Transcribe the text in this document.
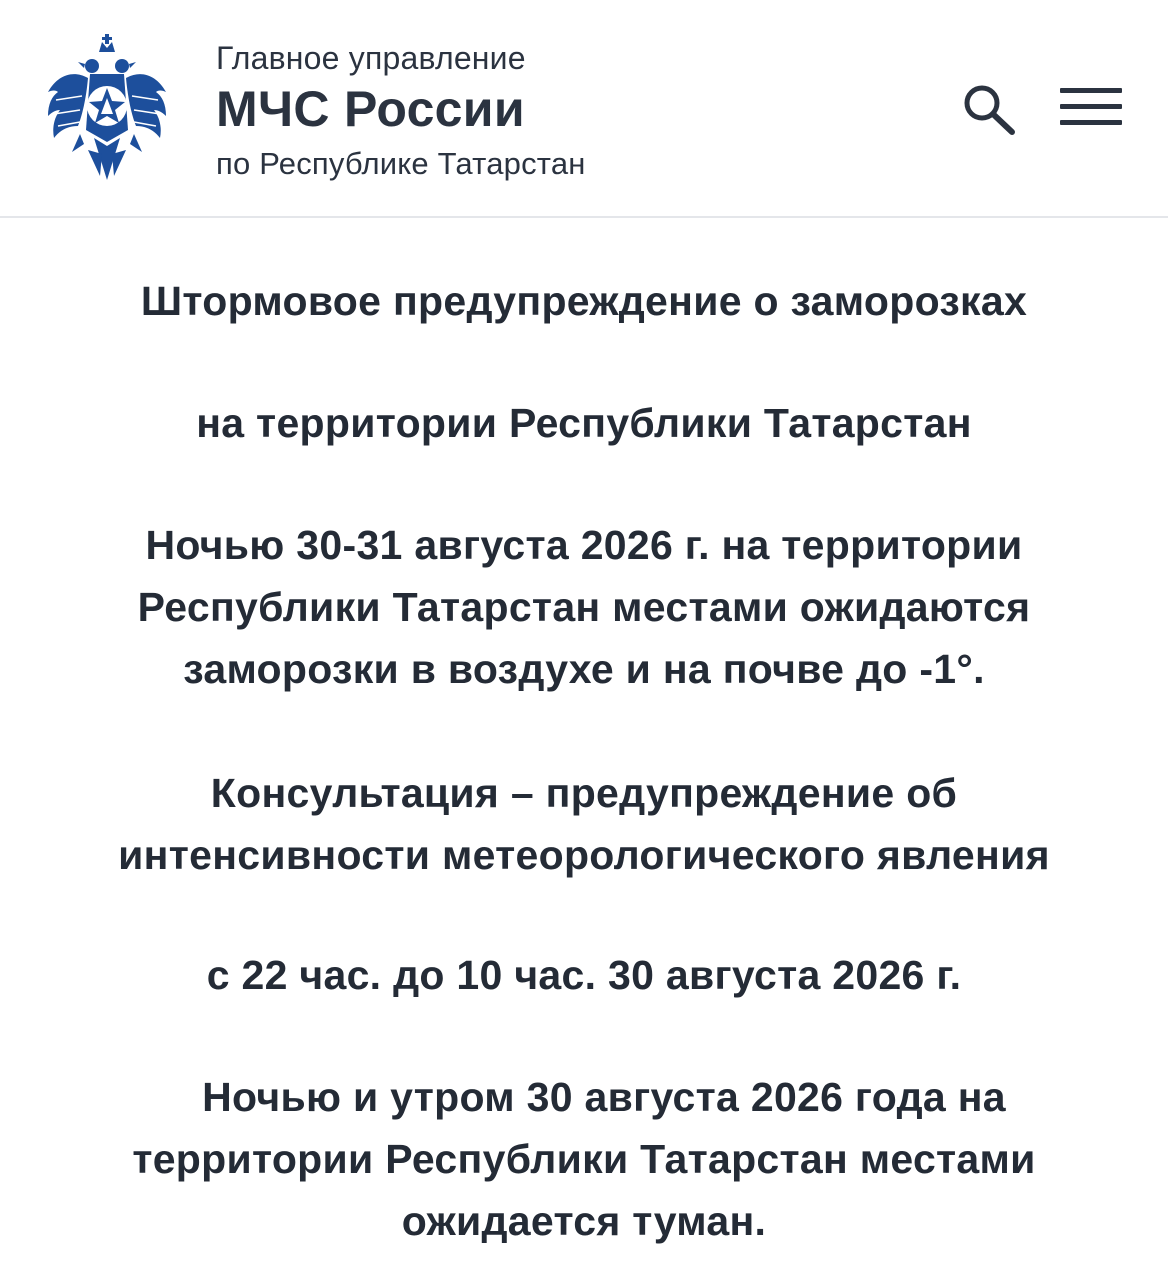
Главное управление
МЧС России
по Республике Татарстан
Штормовое предупреждение о заморозках
на территории Республики Татарстан
Ночью 30-31 августа 2026 г. на территории
Республики Татарстан местами ожидаются
заморозки в воздухе и на почве до -1°.
Консультация – предупреждение об
интенсивности метеорологического явления
с 22 час. до 10 час. 30 августа 2026 г.
Ночью и утром 30 августа 2026 года на
территории Республики Татарстан местами
ожидается туман.
